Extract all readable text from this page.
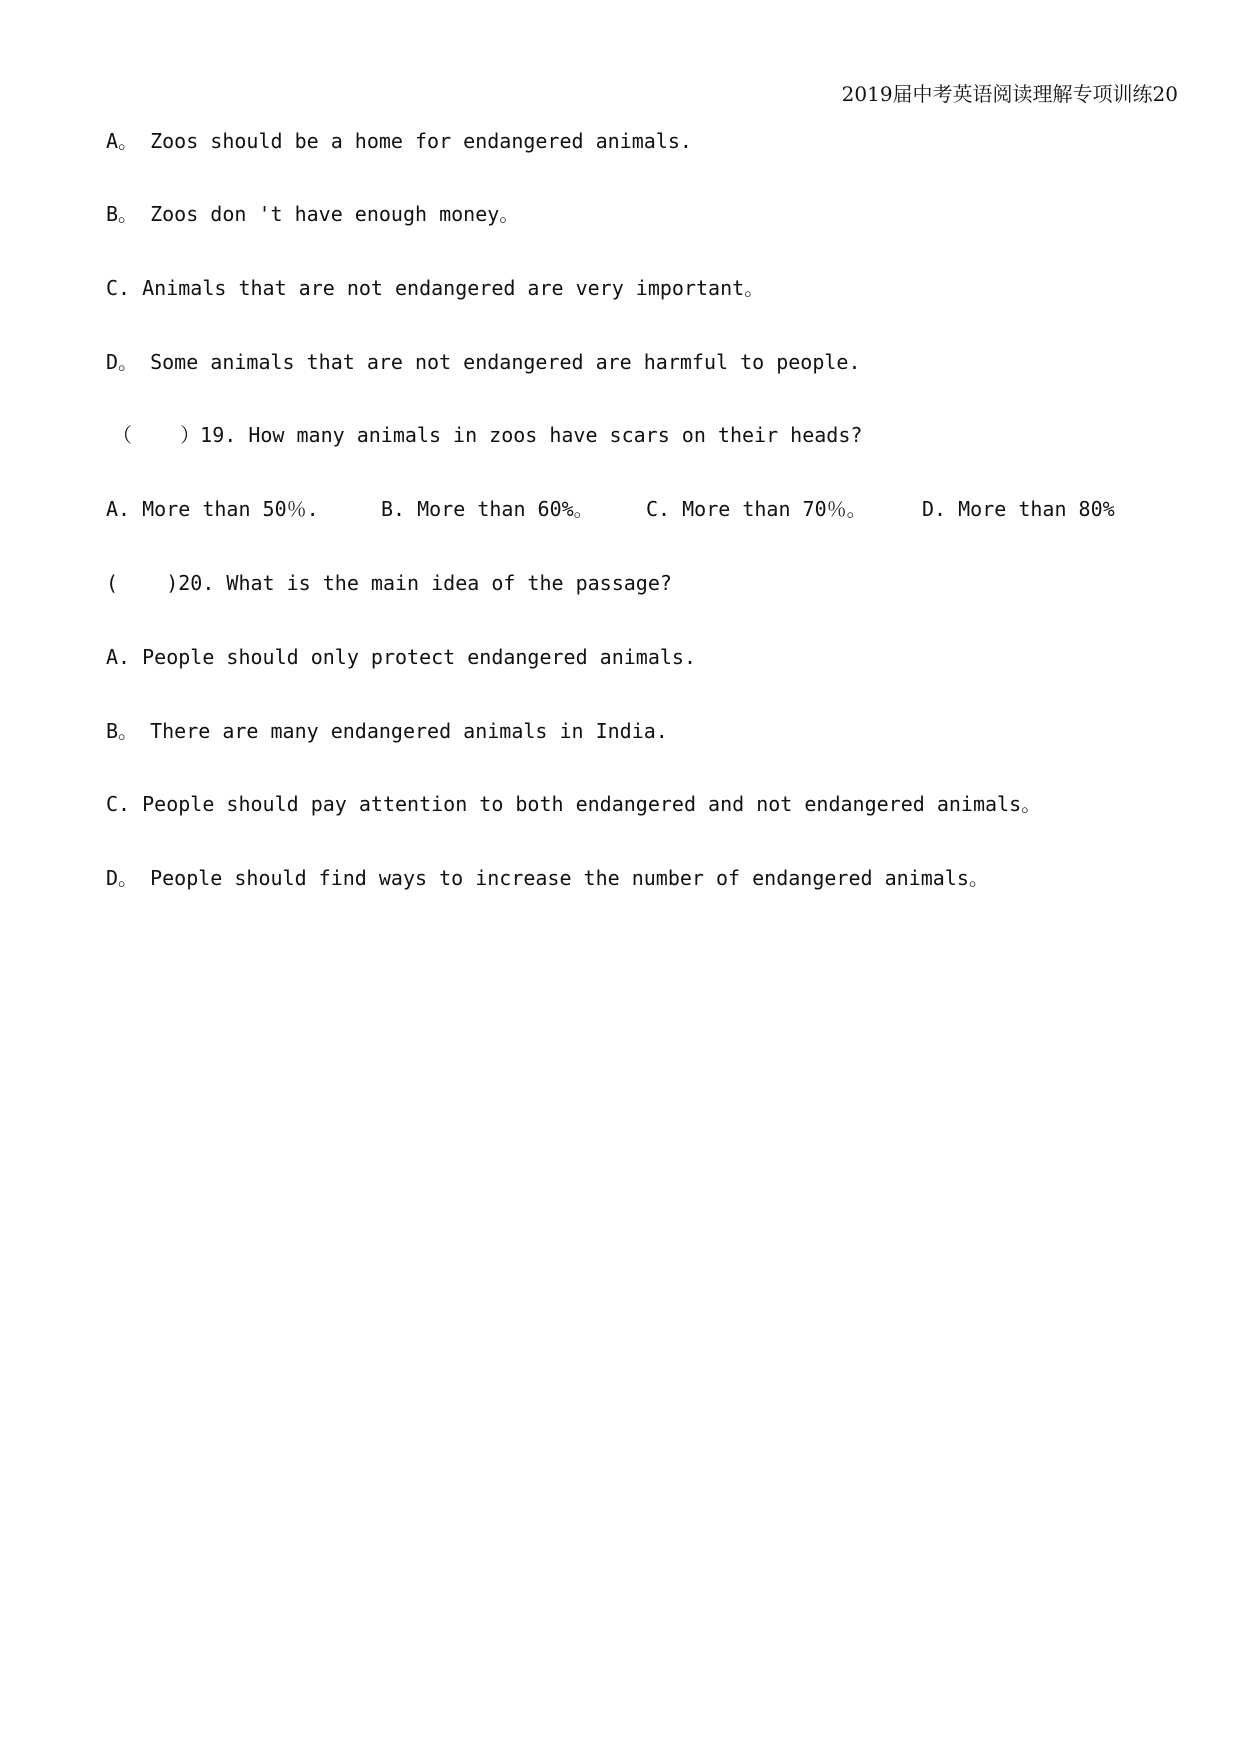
2019届中考英语阅读理解专项训练20
A。 Zoos should be a home for endangered animals.
B。 Zoos don 't have enough money。
C. Animals that are not endangered are very important。
D。 Some animals that are not endangered are harmful to people.
（    ）19. How many animals in zoos have scars on their heads?

A. More than 50％.

	B. More than 60%。

	C. More than 70％。

	D. More than 80%

(    )20. What is the main idea of the passage?
A. People should only protect endangered animals.
B。 There are many endangered animals in India.
C. People should pay attention to both endangered and not endangered animals。
D。 People should find ways to increase the number of endangered animals。
